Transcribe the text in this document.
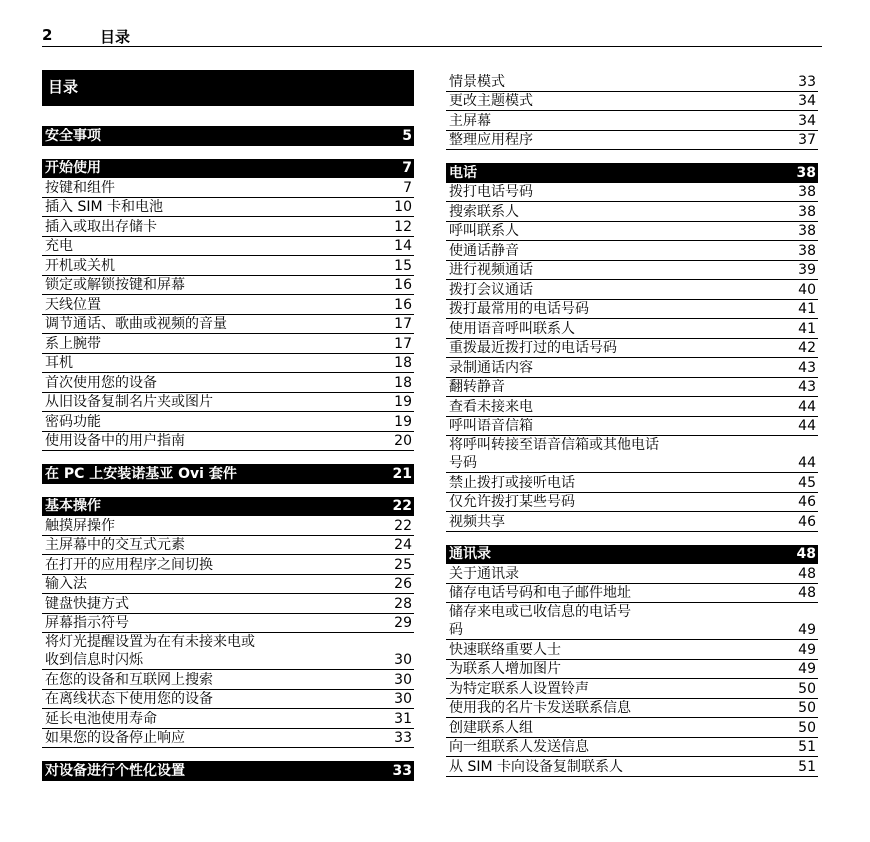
2	目录
目录
安全事项	5
开始使用	7
按键和组件	7
插入 SIM 卡和电池	10
插入或取出存储卡	12
充电	14
开机或关机	15
锁定或解锁按键和屏幕	16
天线位置	16
调节通话、歌曲或视频的音量	17
系上腕带	17
耳机	18
首次使用您的设备	18
从旧设备复制名片夹或图片	19
密码功能	19
使用设备中的用户指南	20
在 PC 上安装诺基亚 Ovi 套件	21
基本操作	22
触摸屏操作	22
主屏幕中的交互式元素	24
在打开的应用程序之间切换	25
输入法	26
键盘快捷方式	28
屏幕指示符号	29
将灯光提醒设置为在有未接来电或
收到信息时闪烁	30
在您的设备和互联网上搜索	30
在离线状态下使用您的设备	30
延长电池使用寿命	31
如果您的设备停止响应	33
对设备进行个性化设置	33
情景模式	33
更改主题模式	34
主屏幕	34
整理应用程序	37
电话	38
拨打电话号码	38
搜索联系人	38
呼叫联系人	38
使通话静音	38
进行视频通话	39
拨打会议通话	40
拨打最常用的电话号码	41
使用语音呼叫联系人	41
重拨最近拨打过的电话号码	42
录制通话内容	43
翻转静音	43
查看未接来电	44
呼叫语音信箱	44
将呼叫转接至语音信箱或其他电话
号码	44
禁止拨打或接听电话	45
仅允许拨打某些号码	46
视频共享	46
通讯录	48
关于通讯录	48
储存电话号码和电子邮件地址	48
储存来电或已收信息的电话号
码	49
快速联络重要人士	49
为联系人增加图片	49
为特定联系人设置铃声	50
使用我的名片卡发送联系信息	50
创建联系人组	50
向一组联系人发送信息	51
从 SIM 卡向设备复制联系人	51
